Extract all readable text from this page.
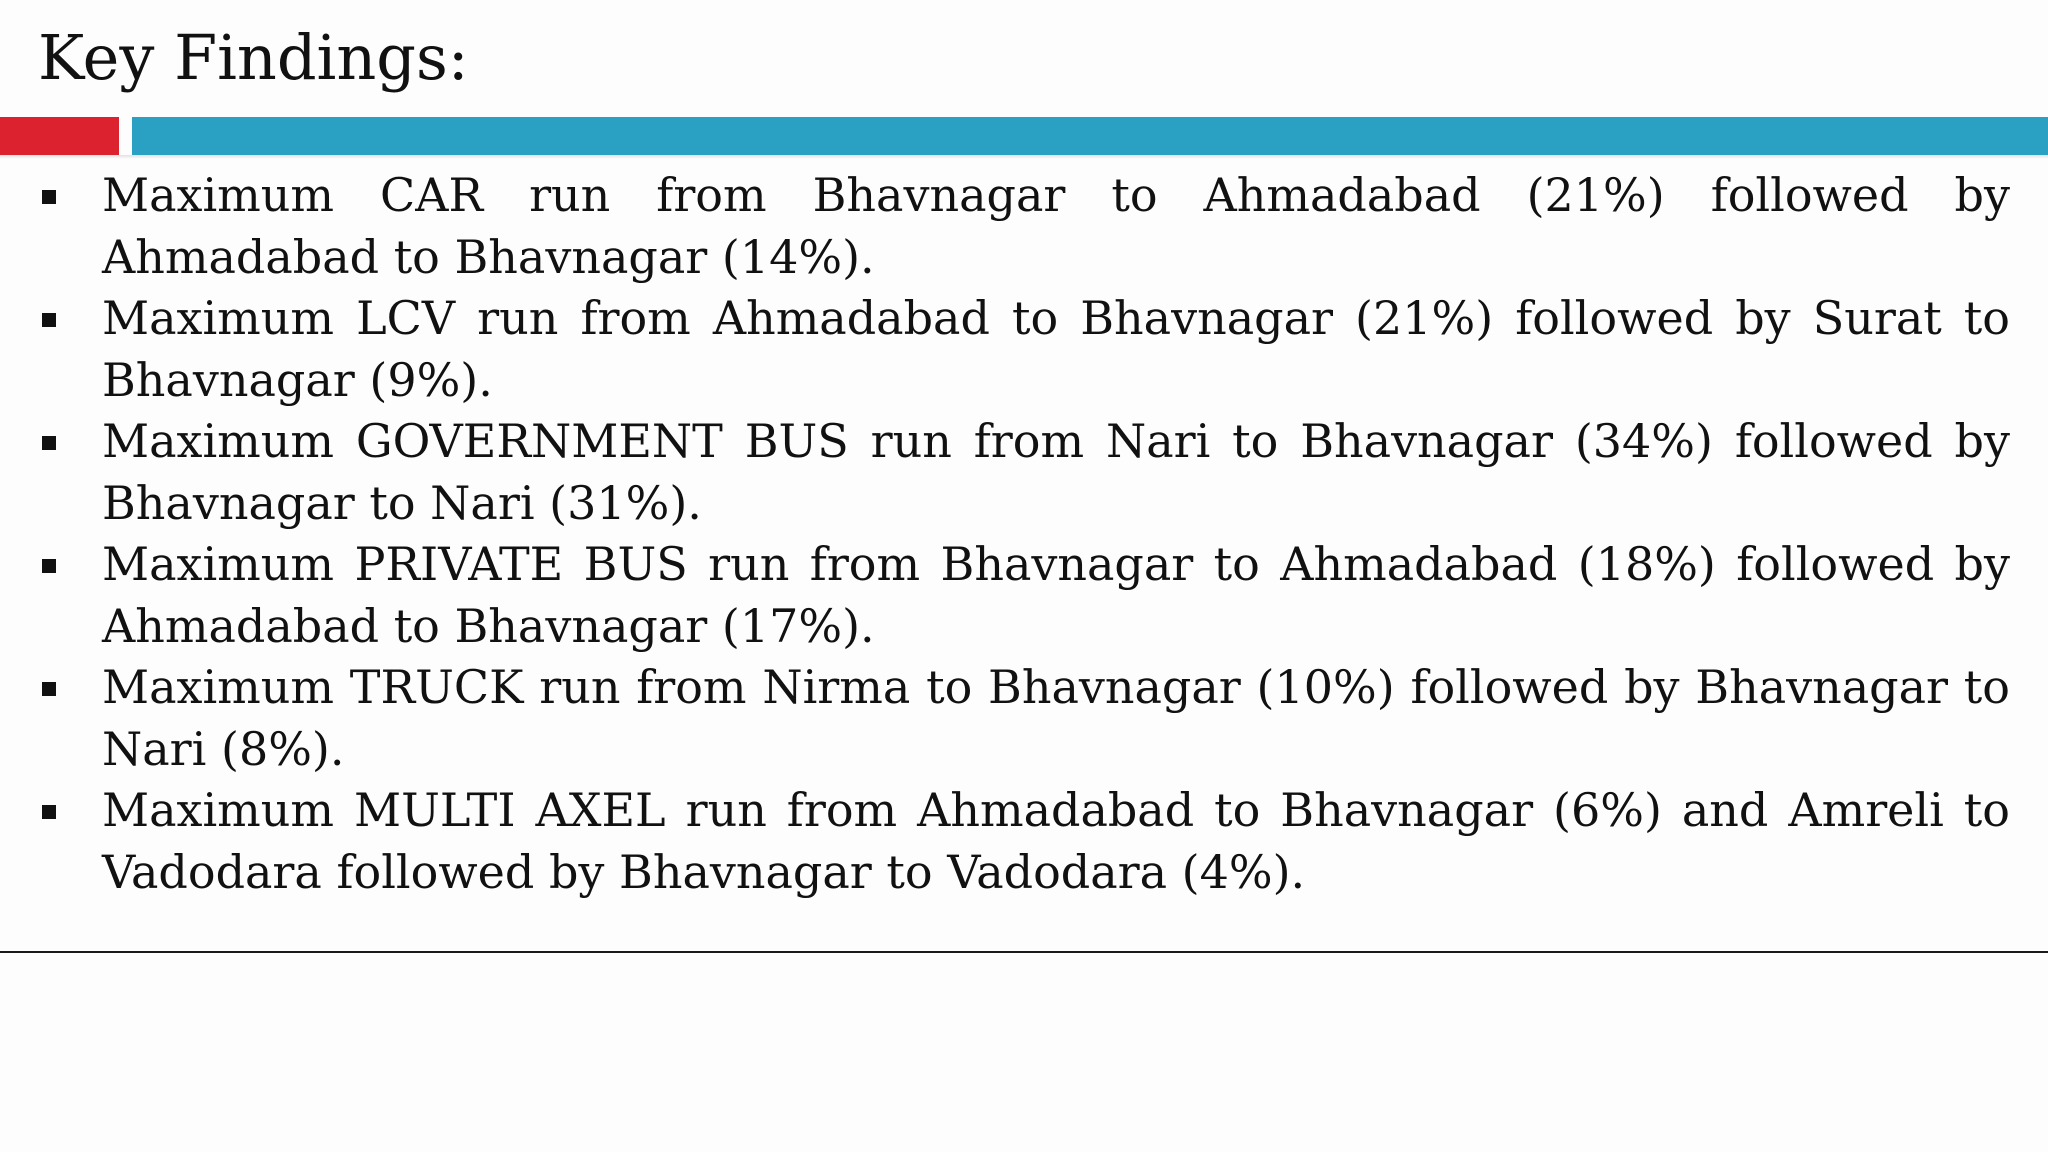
Key Findings:
Maximum CAR run from Bhavnagar to Ahmadabad (21%) followed by Ahmadabad to Bhavnagar (14%).
Maximum LCV run from Ahmadabad to Bhavnagar (21%) followed by Surat to Bhavnagar (9%).
Maximum GOVERNMENT BUS run from Nari to Bhavnagar (34%) followed by Bhavnagar to Nari (31%).
Maximum PRIVATE BUS run from Bhavnagar to Ahmadabad (18%) followed by Ahmadabad to Bhavnagar (17%).
Maximum TRUCK run from Nirma to Bhavnagar (10%) followed by Bhavnagar to Nari (8%).
Maximum MULTI AXEL run from Ahmadabad to Bhavnagar (6%) and Amreli to Vadodara followed by Bhavnagar to Vadodara (4%).
